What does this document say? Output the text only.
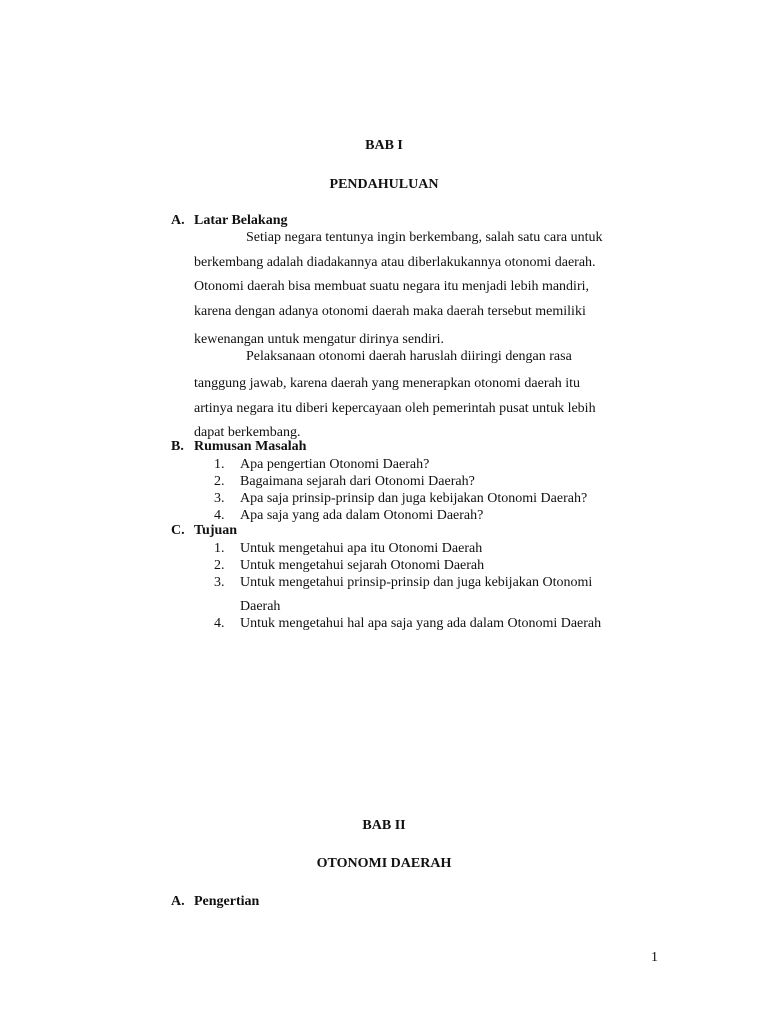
BAB I
PENDAHULUAN
A. Latar Belakang
Setiap negara tentunya ingin berkembang, salah satu cara untuk
berkembang adalah diadakannya atau diberlakukannya otonomi daerah.
Otonomi daerah bisa membuat suatu negara itu menjadi lebih mandiri,
karena dengan adanya otonomi daerah maka daerah tersebut memiliki
kewenangan untuk mengatur dirinya sendiri.
Pelaksanaan otonomi daerah haruslah diiringi dengan rasa
tanggung jawab, karena daerah yang menerapkan otonomi daerah itu
artinya negara itu diberi kepercayaan oleh pemerintah pusat untuk lebih
dapat berkembang.
B. Rumusan Masalah
1. Apa pengertian Otonomi Daerah?
2. Bagaimana sejarah dari Otonomi Daerah?
3. Apa saja prinsip-prinsip dan juga kebijakan Otonomi Daerah?
4. Apa saja yang ada dalam Otonomi Daerah?
C. Tujuan
1. Untuk mengetahui apa itu Otonomi Daerah
2. Untuk mengetahui sejarah Otonomi Daerah
3. Untuk mengetahui prinsip-prinsip dan juga kebijakan Otonomi
Daerah
4. Untuk mengetahui hal apa saja yang ada dalam Otonomi Daerah
BAB II
OTONOMI DAERAH
A. Pengertian
1
